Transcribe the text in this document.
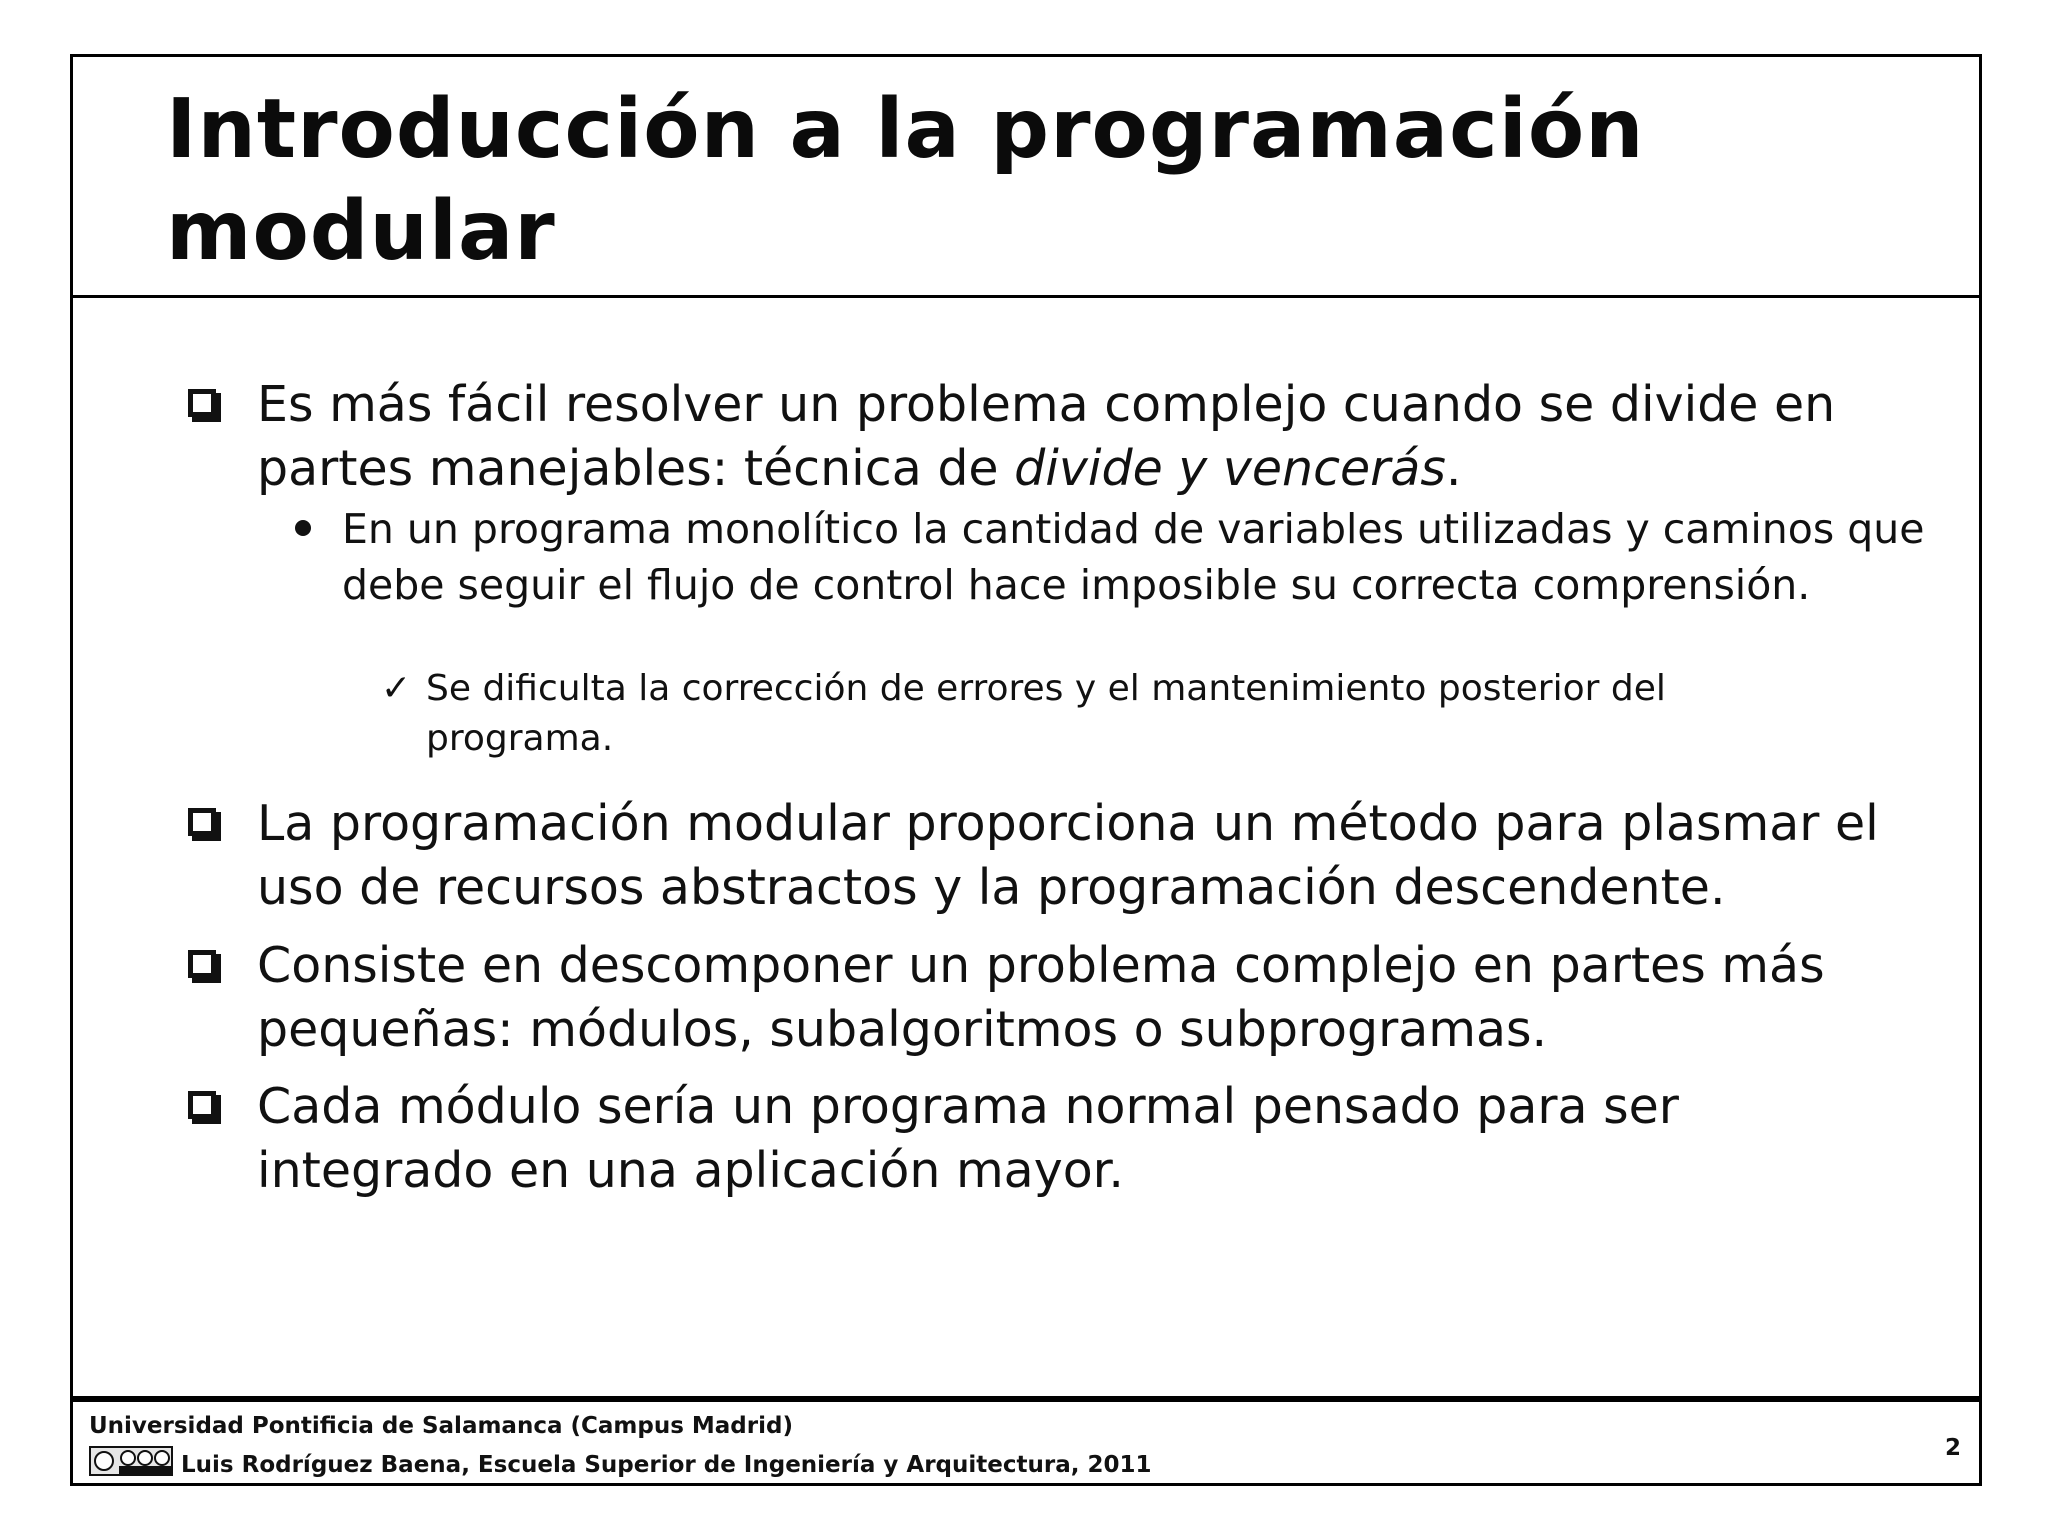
Introducción a la programación modular
Es más fácil resolver un problema complejo cuando se divide en partes manejables: técnica de divide y vencerás.
En un programa monolítico la cantidad de variables utilizadas y caminos que debe seguir el flujo de control hace imposible su correcta comprensión.
✓ Se dificulta la corrección de errores y el mantenimiento posterior del programa.
La programación modular proporciona un método para plasmar el uso de recursos abstractos y la programación descendente.
Consiste en descomponer un problema complejo en partes más pequeñas: módulos, subalgoritmos o subprogramas.
Cada módulo sería un programa normal pensado para ser integrado en una aplicación mayor.

Universidad Pontificia de Salamanca (Campus Madrid)

Luis Rodríguez Baena, Escuela Superior de Ingeniería y Arquitectura, 2011

2
